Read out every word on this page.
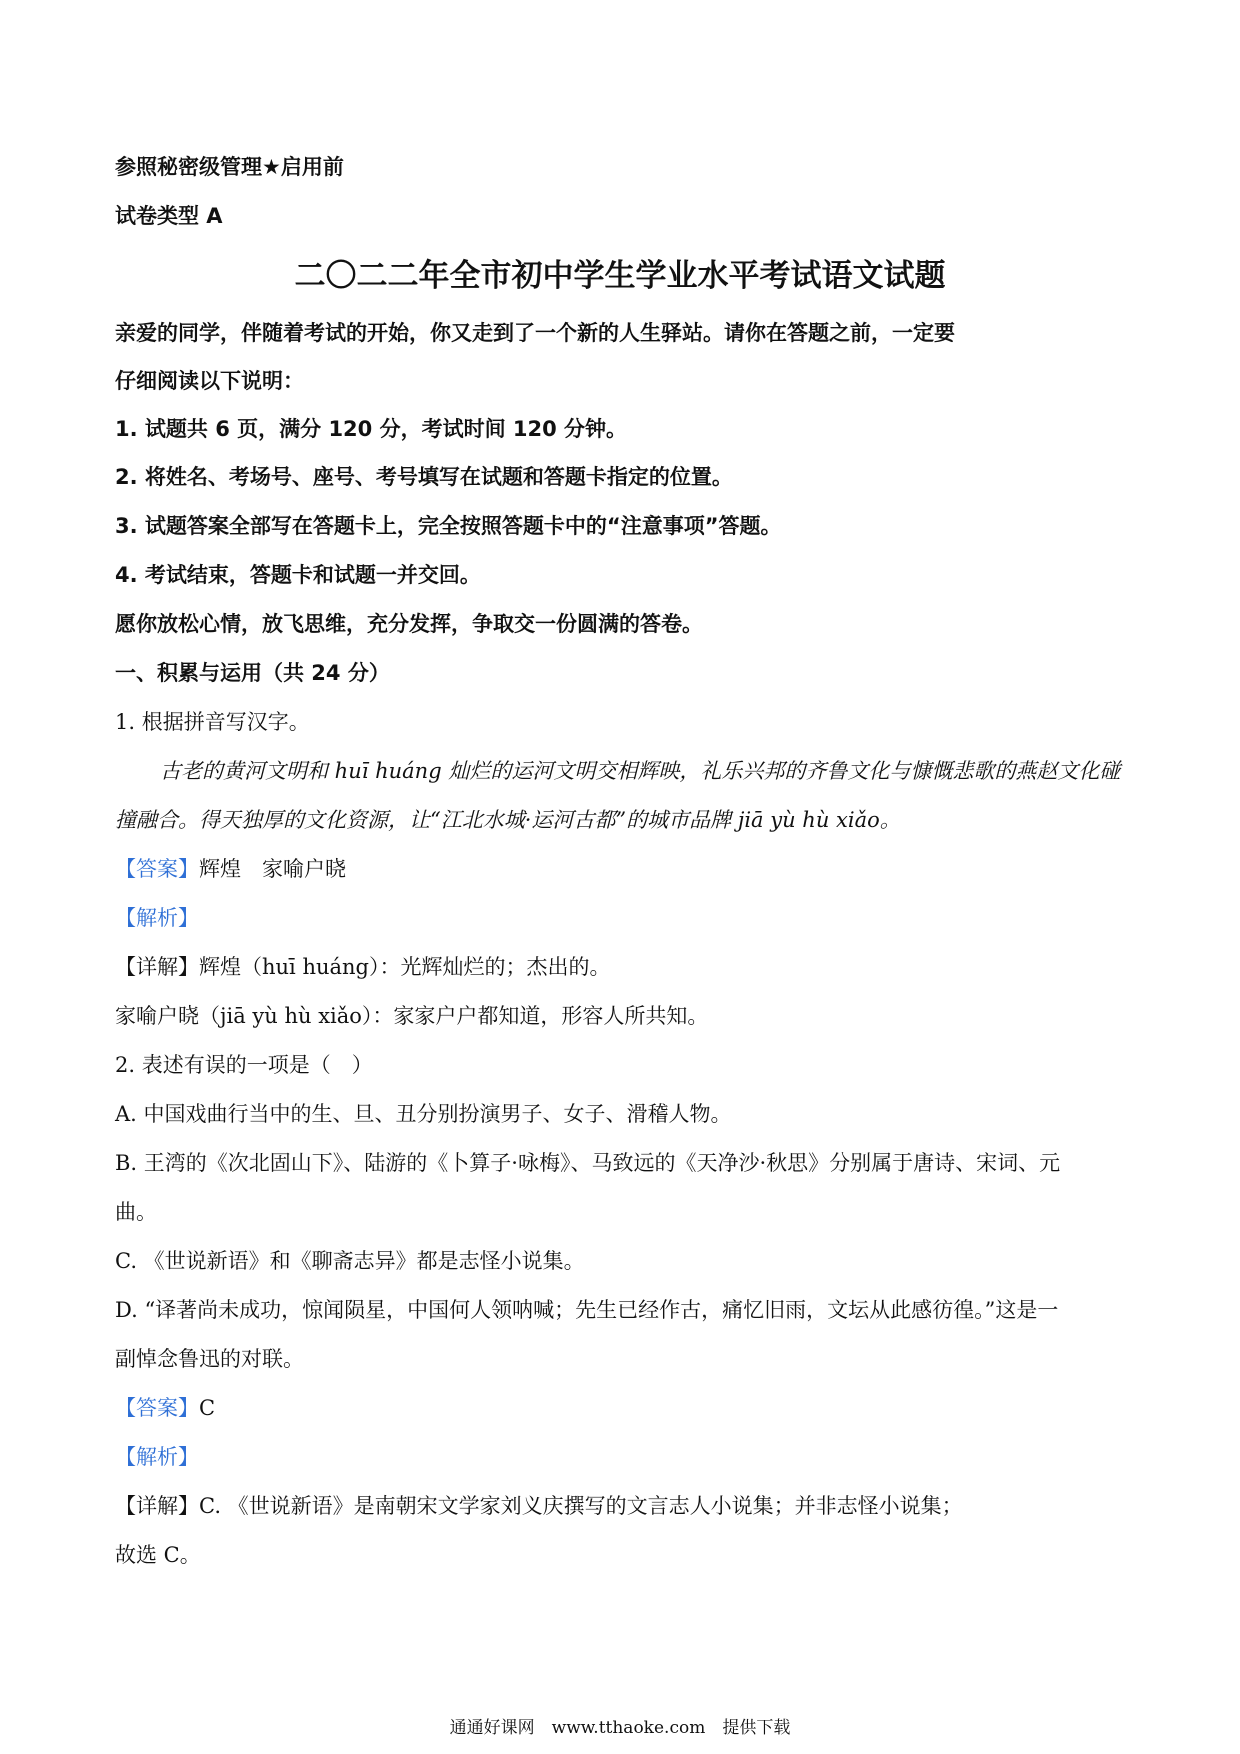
参照秘密级管理★启用前
试卷类型 A
二〇二二年全市初中学生学业水平考试语文试题
亲爱的同学，伴随着考试的开始，你又走到了一个新的人生驿站。请你在答题之前，一定要
仔细阅读以下说明：
1. 试题共 6 页，满分 120 分，考试时间 120 分钟。
2. 将姓名、考场号、座号、考号填写在试题和答题卡指定的位置。
3. 试题答案全部写在答题卡上，完全按照答题卡中的“注意事项”答题。
4. 考试结束，答题卡和试题一并交回。
愿你放松心情，放飞思维，充分发挥，争取交一份圆满的答卷。
一、积累与运用（共 24 分）
1. 根据拼音写汉字。
古老的黄河文明和 huī huáng 灿烂的运河文明交相辉映，礼乐兴邦的齐鲁文化与慷慨悲歌的燕赵文化碰
撞融合。得天独厚的文化资源，让“江北水城·运河古都”的城市品牌 jiā yù hù xiǎo。
【答案】辉煌　家喻户晓
【解析】
【详解】辉煌（huī huáng）：光辉灿烂的；杰出的。
家喻户晓（jiā yù hù xiǎo）：家家户户都知道，形容人所共知。
2. 表述有误的一项是（　）
A. 中国戏曲行当中的生、旦、丑分别扮演男子、女子、滑稽人物。
B. 王湾的《次北固山下》、陆游的《卜算子·咏梅》、马致远的《天净沙·秋思》分别属于唐诗、宋词、元
曲。
C. 《世说新语》和《聊斋志异》都是志怪小说集。
D. “译著尚未成功，惊闻陨星，中国何人领呐喊；先生已经作古，痛忆旧雨，文坛从此感彷徨。”这是一
副悼念鲁迅的对联。
【答案】C
【解析】
【详解】C. 《世说新语》是南朝宋文学家刘义庆撰写的文言志人小说集；并非志怪小说集；
故选 C。
通通好课网　www.tthaoke.com　提供下载
